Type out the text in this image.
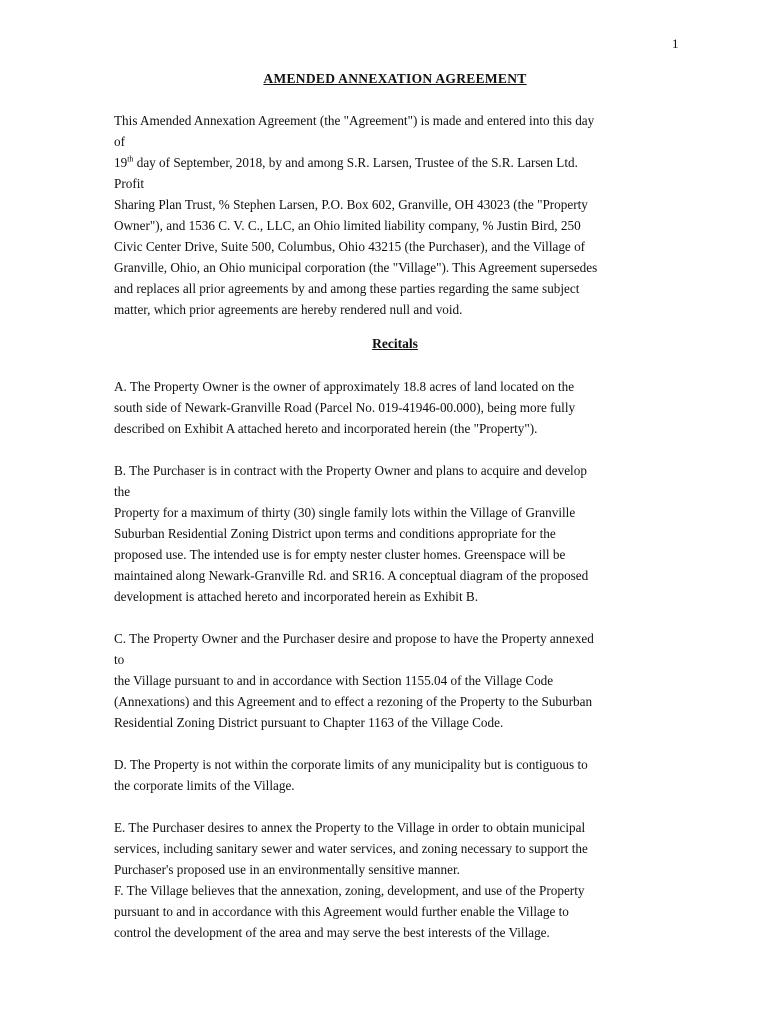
1
AMENDED ANNEXATION AGREEMENT
This Amended Annexation Agreement (the "Agreement") is made and entered into this day
of
19th day of September, 2018, by and among S.R. Larsen, Trustee of the S.R. Larsen Ltd.
Profit
Sharing Plan Trust, % Stephen Larsen, P.O. Box 602, Granville, OH 43023 (the "Property
Owner"), and 1536 C. V. C., LLC, an Ohio limited liability company, % Justin Bird, 250
Civic Center Drive, Suite 500, Columbus, Ohio 43215 (the Purchaser), and the Village of
Granville, Ohio, an Ohio municipal corporation (the "Village"). This Agreement supersedes
and replaces all prior agreements by and among these parties regarding the same subject
matter, which prior agreements are hereby rendered null and void.
Recitals
A. The Property Owner is the owner of approximately 18.8 acres of land located on the
south side of Newark-Granville Road (Parcel No. 019-41946-00.000), being more fully
described on Exhibit A attached hereto and incorporated herein (the "Property").
B. The Purchaser is in contract with the Property Owner and plans to acquire and develop
the
Property for a maximum of thirty (30) single family lots within the Village of Granville
Suburban Residential Zoning District upon terms and conditions appropriate for the
proposed use. The intended use is for empty nester cluster homes. Greenspace will be
maintained along Newark-Granville Rd. and SR16. A conceptual diagram of the proposed
development is attached hereto and incorporated herein as Exhibit B.
C. The Property Owner and the Purchaser desire and propose to have the Property annexed
to
the Village pursuant to and in accordance with Section 1155.04 of the Village Code
(Annexations) and this Agreement and to effect a rezoning of the Property to the Suburban
Residential Zoning District pursuant to Chapter 1163 of the Village Code.
D. The Property is not within the corporate limits of any municipality but is contiguous to
the corporate limits of the Village.
E. The Purchaser desires to annex the Property to the Village in order to obtain municipal
services, including sanitary sewer and water services, and zoning necessary to support the
Purchaser's proposed use in an environmentally sensitive manner.
F. The Village believes that the annexation, zoning, development, and use of the Property
pursuant to and in accordance with this Agreement would further enable the Village to
control the development of the area and may serve the best interests of the Village.
